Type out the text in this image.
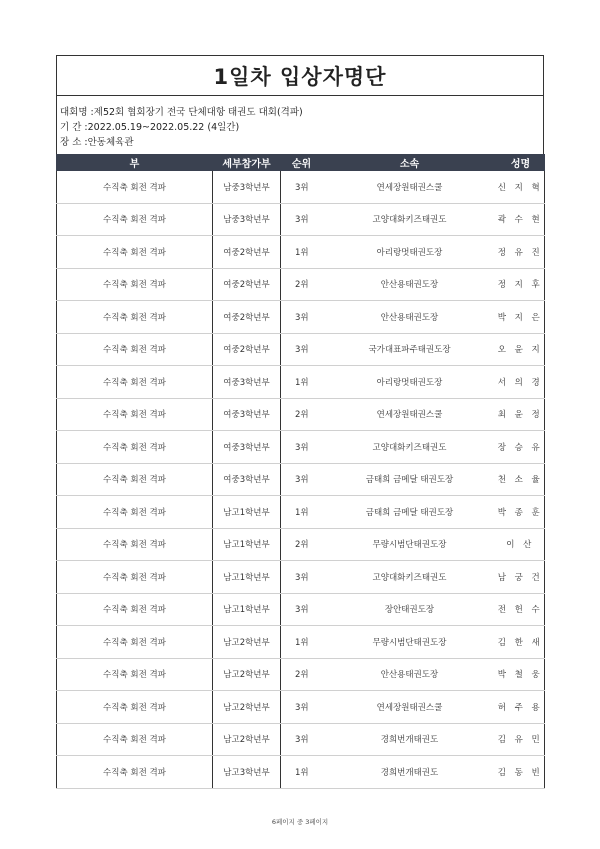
1일차 입상자명단
대회명 :제52회 협회장기 전국 단체대항 태권도 대회(격파)
기 간 :2022.05.19~2022.05.22 (4일간)
장 소 :안동체육관
부	세부참가부	순위	소속	성명
수직축 회전 격파	남중3학년부	3위	연세장원태권스쿨	신 지 혁
수직축 회전 격파	남중3학년부	3위	고양대화키즈태권도	곽 수 현
수직축 회전 격파	여중2학년부	1위	아리랑멋태권도장	정 유 진
수직축 회전 격파	여중2학년부	2위	안산용태권도장	정 지 후
수직축 회전 격파	여중2학년부	3위	안산용태권도장	박 지 은
수직축 회전 격파	여중2학년부	3위	국가대표파주태권도장	오 윤 지
수직축 회전 격파	여중3학년부	1위	아리랑멋태권도장	서 의 경
수직축 회전 격파	여중3학년부	2위	연세장원태권스쿨	최 윤 정
수직축 회전 격파	여중3학년부	3위	고양대화키즈태권도	장 승 유
수직축 회전 격파	여중3학년부	3위	금태희 금메달 태권도장	천 소 율
수직축 회전 격파	남고1학년부	1위	금태희 금메달 태권도장	박 종 훈
수직축 회전 격파	남고1학년부	2위	무량시범단태권도장	이 산
수직축 회전 격파	남고1학년부	3위	고양대화키즈태권도	남 궁 건
수직축 회전 격파	남고1학년부	3위	장안태권도장	전 헌 수
수직축 회전 격파	남고2학년부	1위	무량시범단태권도장	김 한 새
수직축 회전 격파	남고2학년부	2위	안산용태권도장	박 철 웅
수직축 회전 격파	남고2학년부	3위	연세장원태권스쿨	허 주 용
수직축 회전 격파	남고2학년부	3위	경희번개태권도	김 유 민
수직축 회전 격파	남고3학년부	1위	경희번개태권도	김 동 빈
6페이지 중 3페이지
